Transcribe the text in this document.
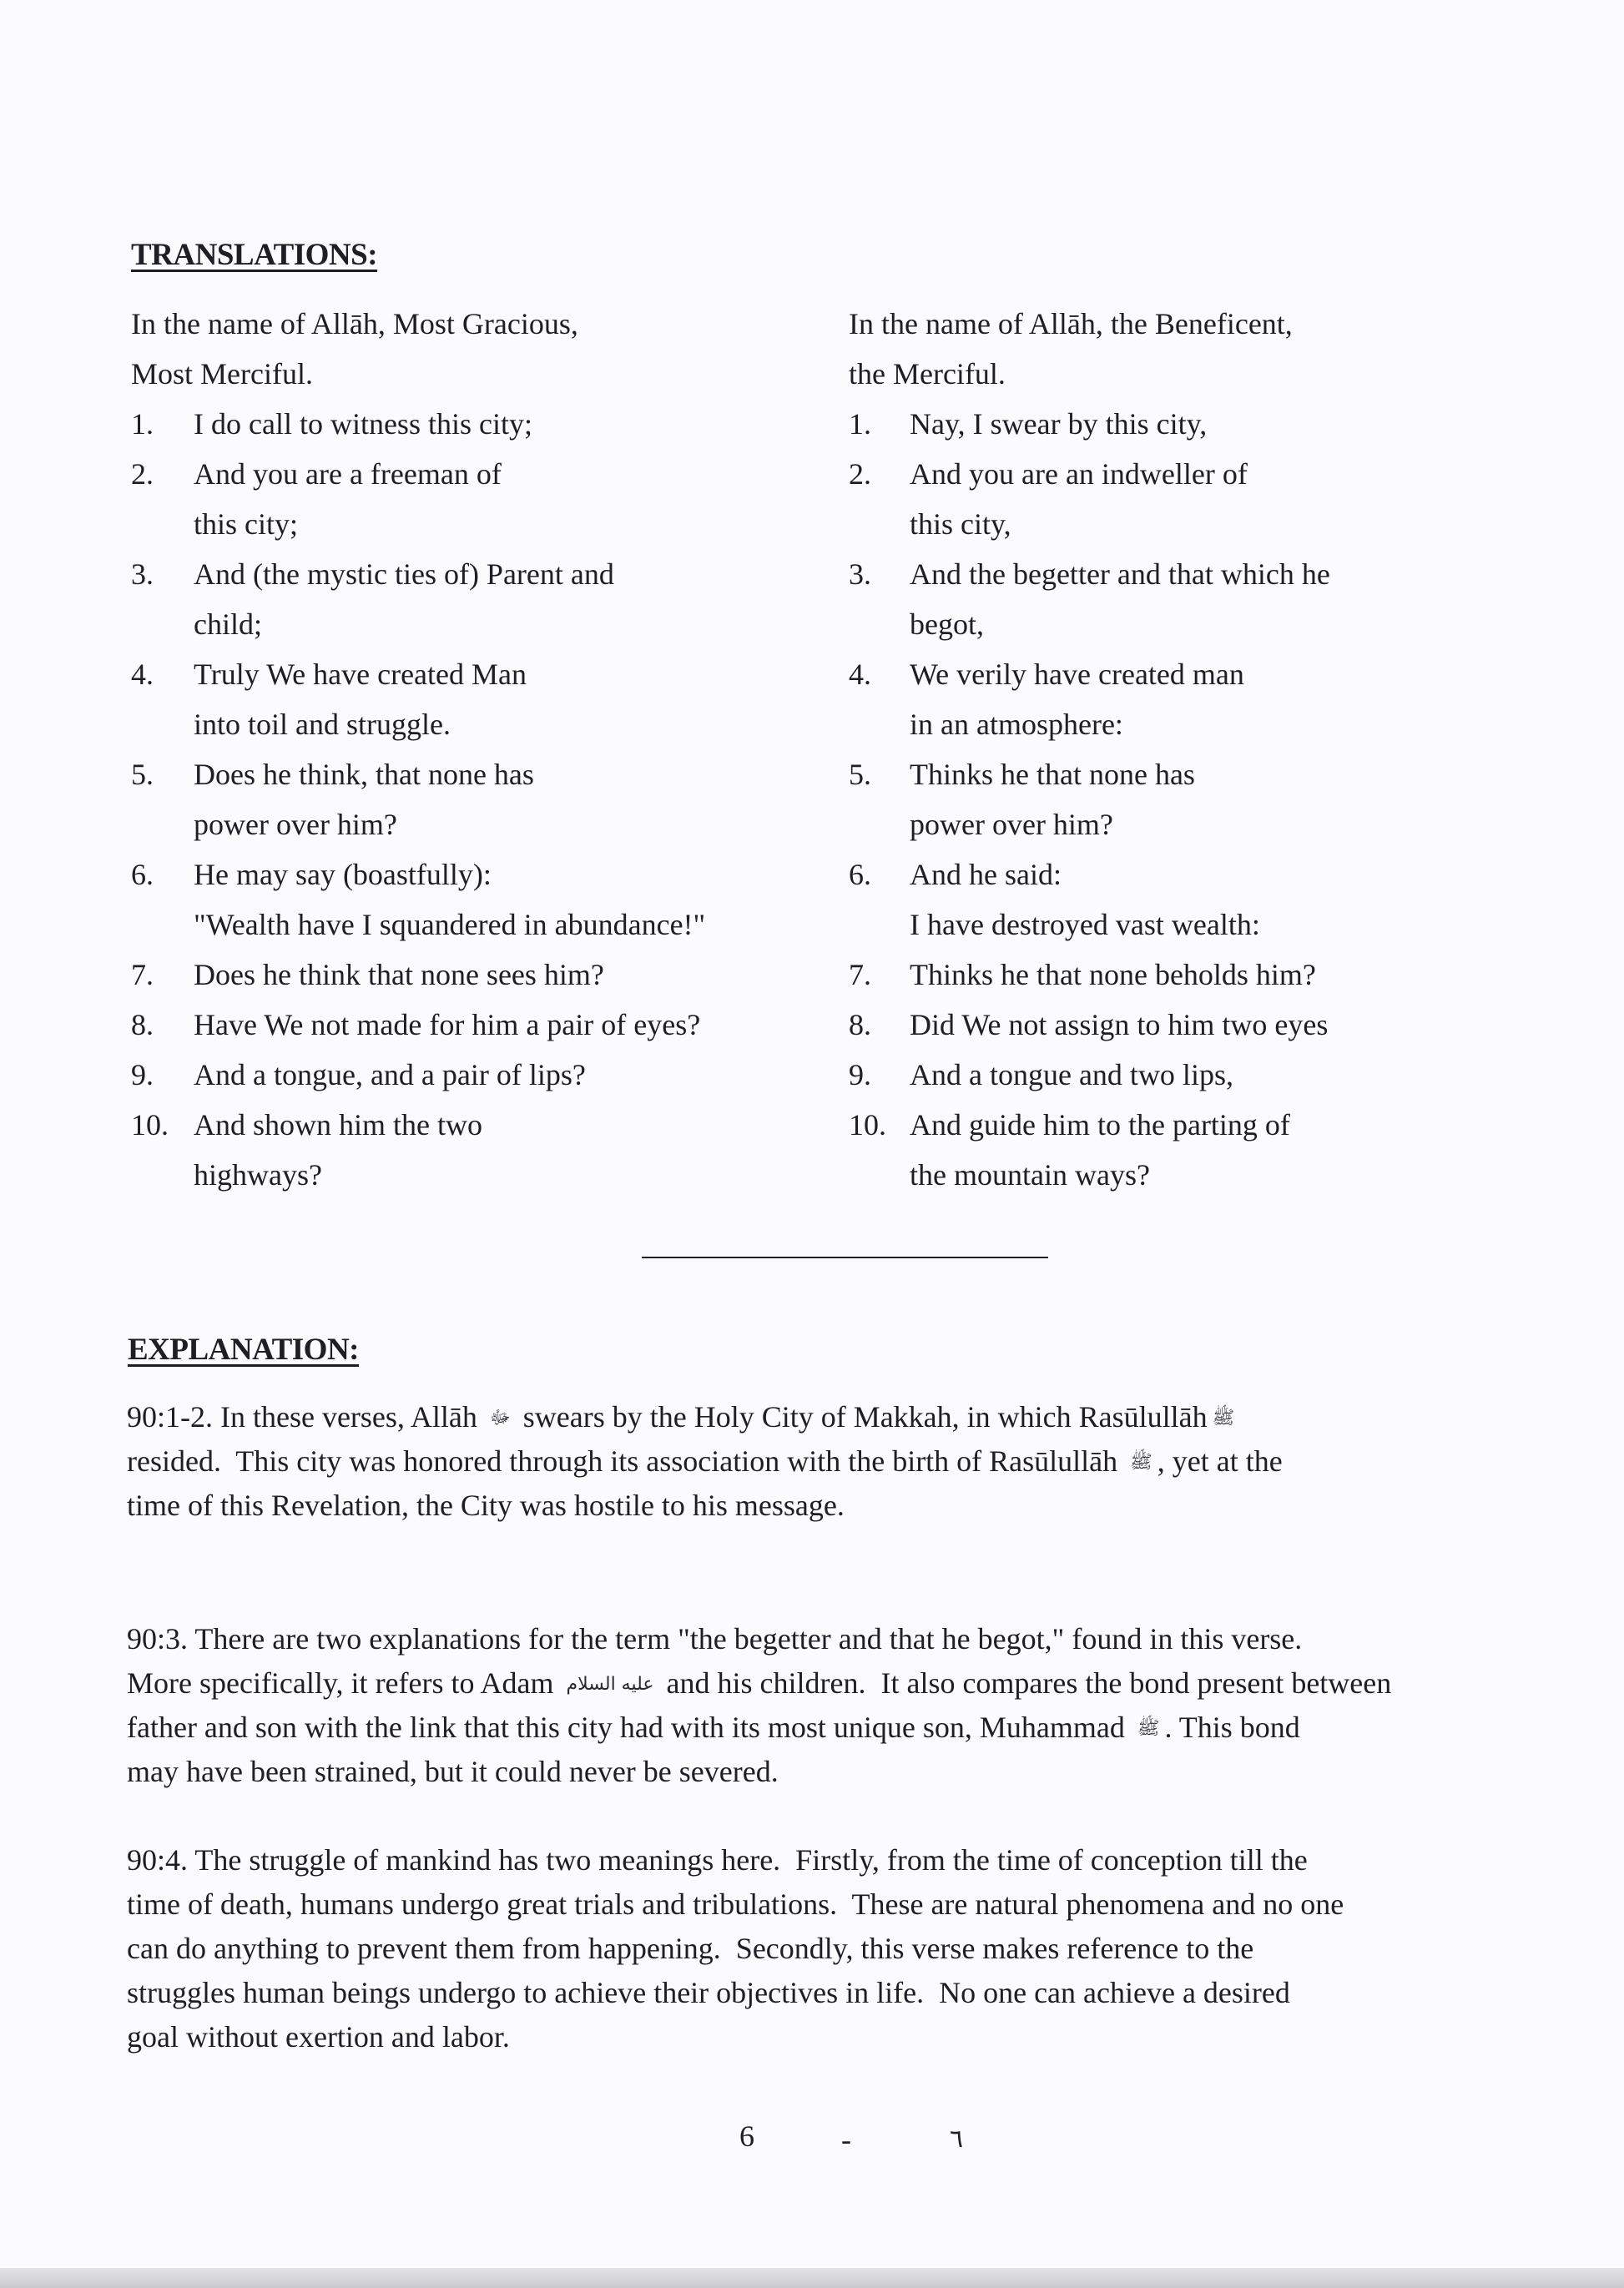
TRANSLATIONS:
In the name of Allāh, Most Gracious,
Most Merciful.
1. I do call to witness this city;
2. And you are a freeman of
this city;
3. And (the mystic ties of) Parent and
child;
4. Truly We have created Man
into toil and struggle.
5. Does he think, that none has
power over him?
6. He may say (boastfully):
"Wealth have I squandered in abundance!"
7. Does he think that none sees him?
8. Have We not made for him a pair of eyes?
9. And a tongue, and a pair of lips?
10. And shown him the two
highways?
In the name of Allāh, the Beneficent,
the Merciful.
1. Nay, I swear by this city,
2. And you are an indweller of
this city,
3. And the begetter and that which he
begot,
4. We verily have created man
in an atmosphere:
5. Thinks he that none has
power over him?
6. And he said:
I have destroyed vast wealth:
7. Thinks he that none beholds him?
8. Did We not assign to him two eyes
9. And a tongue and two lips,
10. And guide him to the parting of
the mountain ways?
EXPLANATION:
90:1-2. In these verses, Allāh ﷻ swears by the Holy City of Makkah, in which Rasūlullāh ﷺ
resided.  This city was honored through its association with the birth of Rasūlullāh ﷺ , yet at the
time of this Revelation, the City was hostile to his message.
90:3. There are two explanations for the term "the begetter and that he begot," found in this verse.
More specifically, it refers to Adam عليه السلام and his children.  It also compares the bond present between
father and son with the link that this city had with its most unique son, Muhammad ﷺ . This bond
may have been strained, but it could never be severed.
90:4. The struggle of mankind has two meanings here.  Firstly, from the time of conception till the
time of death, humans undergo great trials and tribulations.  These are natural phenomena and no one
can do anything to prevent them from happening.  Secondly, this verse makes reference to the
struggles human beings undergo to achieve their objectives in life.  No one can achieve a desired
goal without exertion and labor.
6	-	٦
